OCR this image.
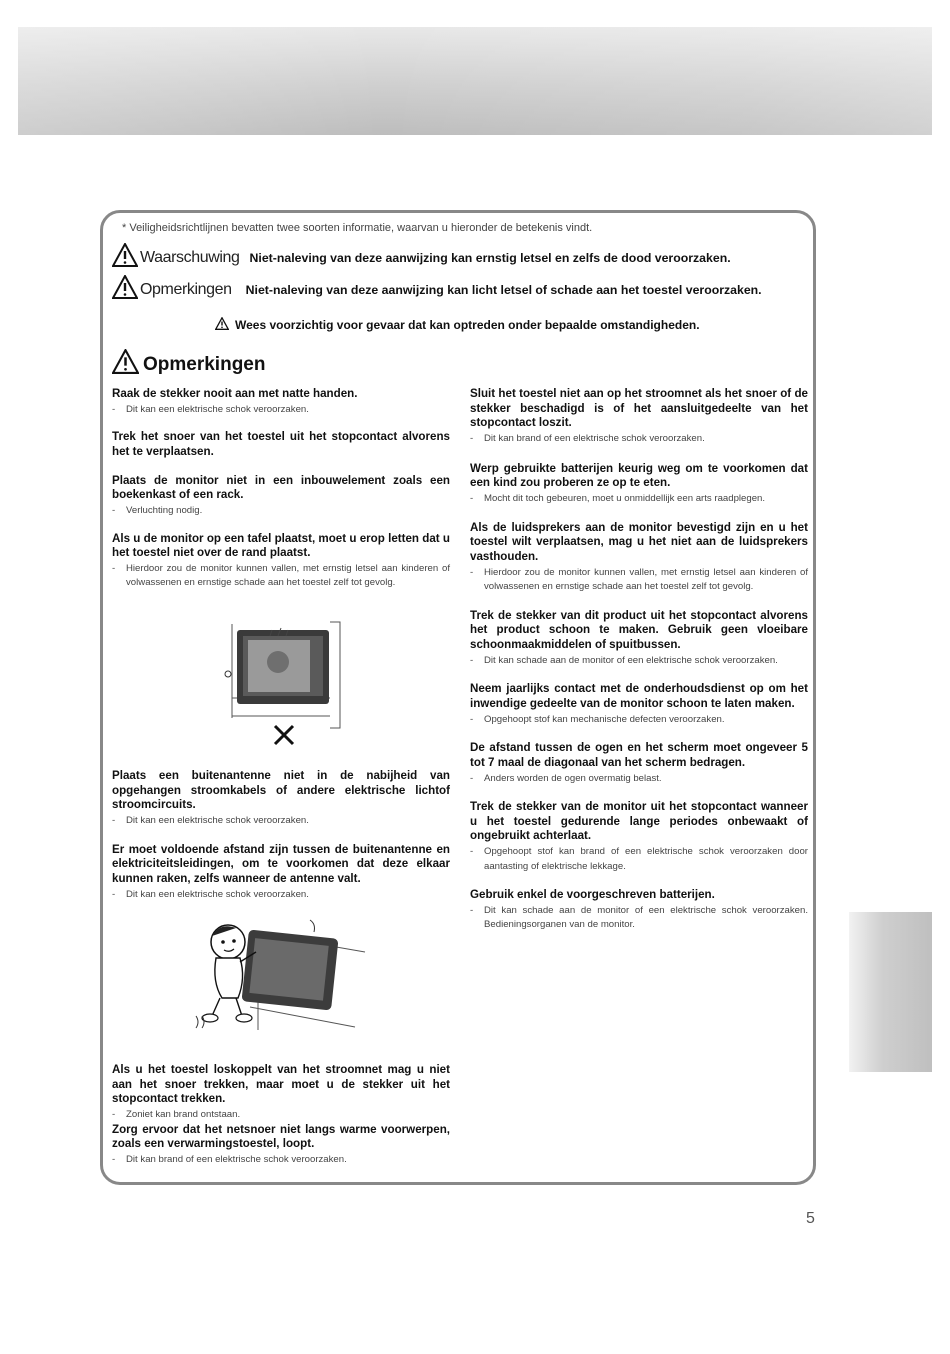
* Veiligheidsrichtlijnen bevatten twee soorten informatie, waarvan u hieronder de betekenis vindt.
Waarschuwing Niet-naleving van deze aanwijzing kan ernstig letsel en zelfs de dood veroorzaken.
Opmerkingen Niet-naleving van deze aanwijzing kan licht letsel of schade aan het toestel veroorzaken.
Wees voorzichtig voor gevaar dat kan optreden onder bepaalde omstandigheden.
Opmerkingen
Raak de stekker nooit aan met natte handen.

- Dit kan een elektrische schok veroorzaken.

Trek het snoer van het toestel uit het stopcontact alvorens het te verplaatsen.
Plaats de monitor niet in een inbouwelement zoals een boekenkast of een rack.

- Verluchting nodig.

Als u de monitor op een tafel plaatst, moet u erop letten dat u het toestel niet over de rand plaatst.

- Hierdoor zou de monitor kunnen vallen, met ernstig letsel aan kinderen of volwassenen en ernstige schade aan het toestel zelf tot gevolg.

Plaats een buitenantenne niet in de nabijheid van opgehangen stroomkabels of andere elektrische lichtof stroomcircuits.

- Dit kan een elektrische schok veroorzaken.

Er moet voldoende afstand zijn tussen de buitenantenne en elektriciteitsleidingen, om te voorkomen dat deze elkaar kunnen raken, zelfs wanneer de antenne valt.

- Dit kan een elektrische schok veroorzaken.

Als u het toestel loskoppelt van het stroomnet mag u niet aan het snoer trekken, maar moet u de stekker uit het stopcontact trekken.

- Zoniet kan brand ontstaan.

Zorg ervoor dat het netsnoer niet langs warme voorwerpen, zoals een verwarmingstoestel, loopt.

- Dit kan brand of een elektrische schok veroorzaken.

Sluit het toestel niet aan op het stroomnet als het snoer of de stekker beschadigd is of het aansluitgedeelte van het stopcontact loszit.

- Dit kan brand of een elektrische schok veroorzaken.

Werp gebruikte batterijen keurig weg om te voorkomen dat een kind zou proberen ze op te eten.

- Mocht dit toch gebeuren, moet u onmiddellijk een arts raadplegen.

Als de luidsprekers aan de monitor bevestigd zijn en u het toestel wilt verplaatsen, mag u het niet aan de luidsprekers vasthouden.

- Hierdoor zou de monitor kunnen vallen, met ernstig letsel aan kinderen of volwassenen en ernstige schade aan het toestel zelf tot gevolg.

Trek de stekker van dit product uit het stopcontact alvorens het product schoon te maken. Gebruik geen vloeibare schoonmaakmiddelen of spuitbussen.

- Dit kan schade aan de monitor of een elektrische schok veroorzaken.

Neem jaarlijks contact met de onderhoudsdienst op om het inwendige gedeelte van de monitor schoon te laten maken.

- Opgehoopt stof kan mechanische defecten veroorzaken.

De afstand tussen de ogen en het scherm moet ongeveer 5 tot 7 maal de diagonaal van het scherm bedragen.

- Anders worden de ogen overmatig belast.

Trek de stekker van de monitor uit het stopcontact wanneer u het toestel gedurende lange periodes onbewaakt of ongebruikt achterlaat.

- Opgehoopt stof kan brand of een elektrische schok veroorzaken door aantasting of elektrische lekkage.

Gebruik enkel de voorgeschreven batterijen.

- Dit kan schade aan de monitor of een elektrische schok veroorzaken. Bedieningsorganen van de monitor.

5
